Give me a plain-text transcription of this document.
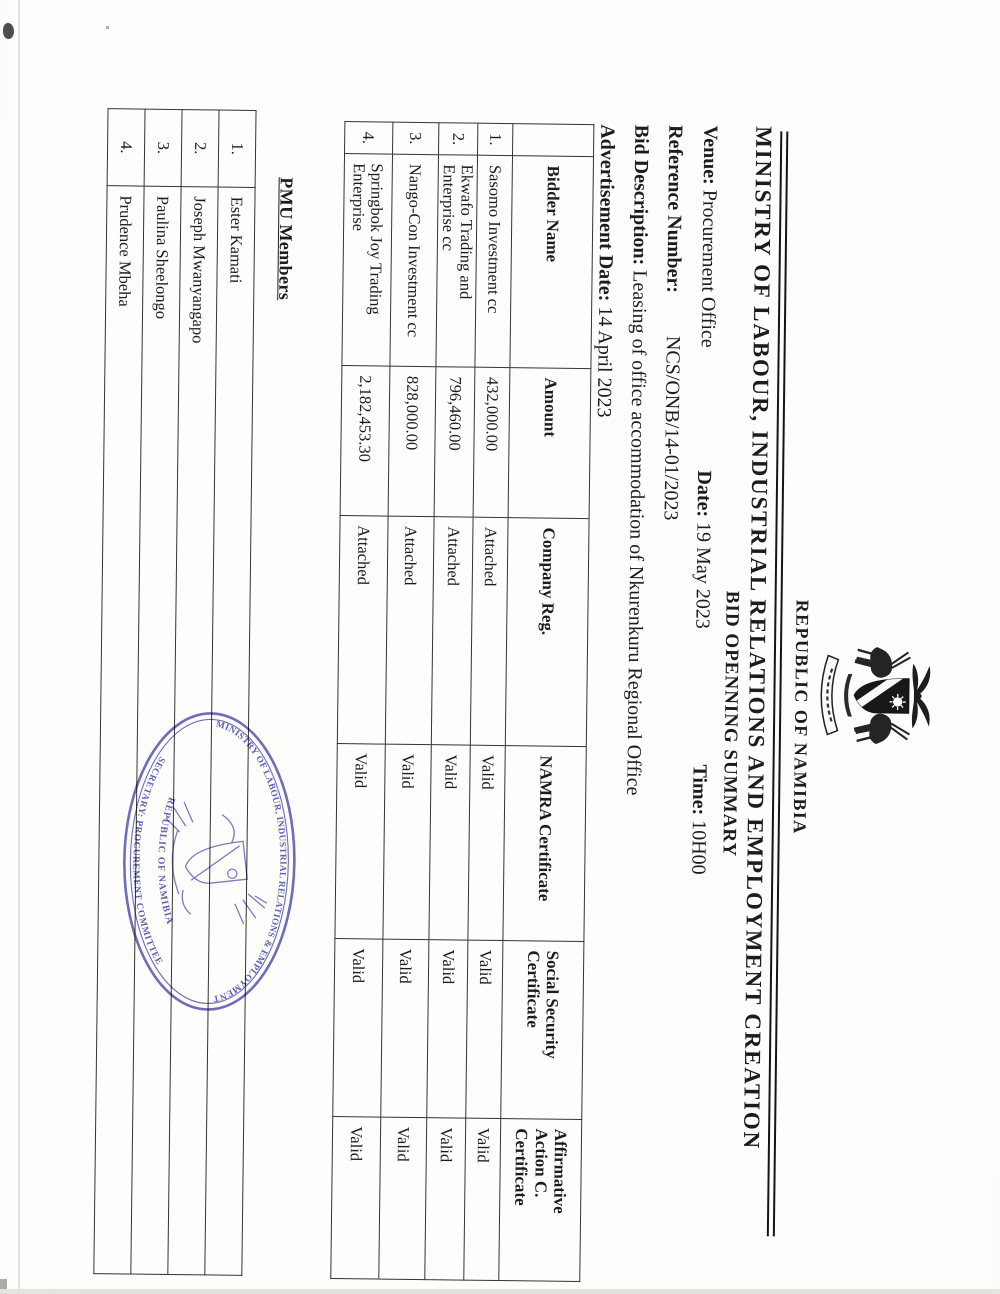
REPUBLIC OF NAMIBIA
MINISTRY OF LABOUR, INDUSTRIAL RELATIONS AND EMPLOYMENT CREATION
BID OPENNING SUMMARY
Venue: Procurement Office
Date: 19 May 2023
Time: 10H00
Reference Number: NCS/ONB/14-01/2023
Bid Description: Leasing of office accommodation of Nkurenkuru Regional Office
Advertisement Date: 14 April 2023
	Bidder Name	Amount	Company Reg.	NAMRA Certificate	Social Security Certificate	Affirmative Action C. Certificate
1.	Sasomo Investment cc	432,000.00	Attached	Valid	Valid	Valid
2.	Ekwafo Trading and Enterprise cc	796,460.00	Attached	Valid	Valid	Valid
3.	Nango-Con Investment cc	828,000.00	Attached	Valid	Valid	Valid
4.	Springbok Joy Trading Enterprise	2,182,453.30	Attached	Valid	Valid	Valid
PMU Members
1.	Ester Kamati
2.	Joseph Mwanyangapo
3.	Paulina Sheelongo
4.	Prudence Mbeha
MINISTRY OF LABOUR, INDUSTRIAL RELATIONS & EMPLOYMENT
SECRETARY: PROCUREMENT COMMITTEE
REPUBLIC OF NAMIBIA
